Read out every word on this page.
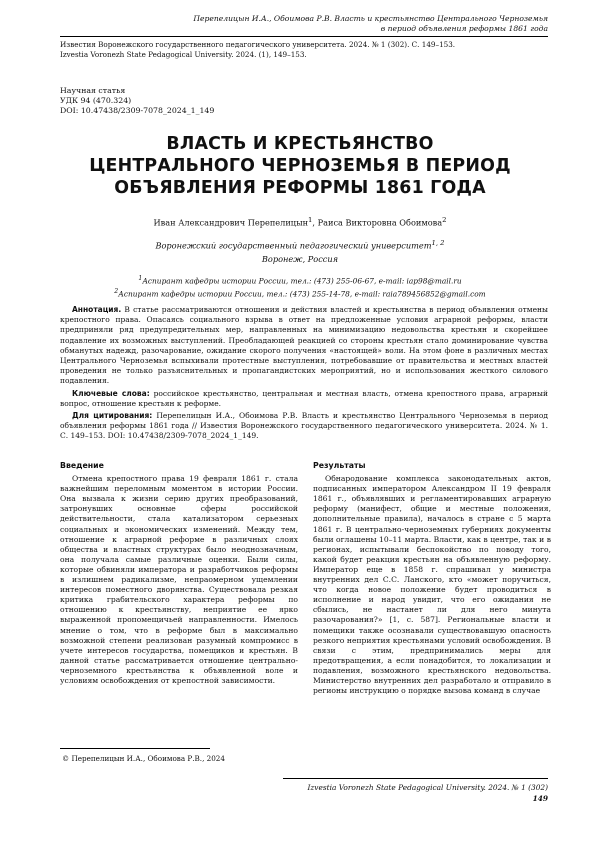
Перепелицын И.А., Обоимова Р.В. Власть и крестьянство Центрального Черноземья
в период объявления реформы 1861 года
Известия Воронежского государственного педагогического университета. 2024. № 1 (302). С. 149–153.
Izvestia Voronezh State Pedagogical University. 2024. (1), 149–153.
Научная статья
УДК 94 (470.324)
DOI: 10.47438/2309-7078_2024_1_149
ВЛАСТЬ И КРЕСТЬЯНСТВО
ЦЕНТРАЛЬНОГО ЧЕРНОЗЕМЬЯ В ПЕРИОД
ОБЪЯВЛЕНИЯ РЕФОРМЫ 1861 ГОДА
Иван Александрович Перепелицын$^1$, Раиса Викторовна Обоимова$^2$
Воронежский государственный педагогический университет$^{1, 2}$
Воронеж, Россия
$^1$Аспирант кафедры истории России, тел.: (473) 255-06-67, e-mail: iap98@mail.ru
$^2$Аспирант кафедры истории России, тел.: (473) 255-14-78, e-mail: raia789456852@gmail.com

Аннотация. В статье рассматриваются отношения и действия властей и крестьянства в период объявления отмены крепостного права. Опасаясь социального взрыва в ответ на предложенные условия аграрной реформы, власти предприняли ряд предупредительных мер, направленных на минимизацию недовольства крестьян и скорейшее подавление их возможных выступлений. Преобладающей реакцией со стороны крестьян стало доминирование чувства обманутых надежд, разочарование, ожидание скорого получения «настоящей» воли. На этом фоне в различных местах Центрального Черноземья вспыхивали протестные выступления, потребовавшие от правительства и местных властей проведения не только разъяснительных и пропагандистских мероприятий, но и использования жесткого силового подавления.

Ключевые слова: российское крестьянство, центральная и местная власть, отмена крепостного права, аграрный вопрос, отношение крестьян к реформе.

Для цитирования: Перепелицын И.А., Обоимова Р.В. Власть и крестьянство Центрального Черноземья в период объявления реформы 1861 года // Известия Воронежского государственного педагогического университета. 2024. № 1. С. 149–153. DOI: 10.47438/2309-7078_2024_1_149.

Введение

Отмена крепостного права 19 февраля 1861 г. стала важнейшим переломным моментом в истории России. Она вызвала к жизни серию других преобразований, затронувших основные сферы российской действительности, стала катализатором серьезных социальных и экономических изменений. Между тем, отношение к аграрной реформе в различных слоях общества и властных структурах было неоднозначным, она получала самые различные оценки. Были силы, которые обвиняли императора и разработчиков реформы в излишнем радикализме, непраомерном ущемлении интересов поместного дворянства. Существовала резкая критика грабительского характера реформы по отношению к крестьянству, неприятие ее ярко выраженной пропомещичьей направленности. Имелось мнение о том, что в реформе был в максимально возможной степени реализован разумный компромисс в учете интересов государства, помещиков и крестьян. В данной статье рассматривается отношение центрально-черноземного крестьянства к объявленной воле и условиям освобождения от крепостной зависимости.

Результаты

Обнародование комплекса законодательных актов, подписанных императором Александром II 19 февраля 1861 г., объявлявших и регламентировавших аграрную реформу (манифест, общие и местные положения, дополнительные правила), началось в стране с 5 марта 1861 г. В центрально-черноземных губерниях документы были оглашены 10–11 марта. Власти, как в центре, так и в регионах, испытывали беспокойство по поводу того, какой будет реакция крестьян на объявленную реформу. Император еще в 1858 г. спрашивал у министра внутренних дел С.С. Ланского, кто «может поручиться, что когда новое положение будет проводиться в исполнение и народ увидит, что его ожидания не сбылись, не настанет ли для него минута разочарования?» [1, с. 587]. Региональные власти и помещики также осознавали существовавшую опасность резкого неприятия крестьянами условий освобождения. В связи с этим, предпринимались меры для предотвращения, а если понадобится, то локализации и подавления, возможного крестьянского недовольства. Министерство внутренних дел разработало и отправило в регионы инструкцию о порядке вызова команд в случае

© Перепелицын И.А., Обоимова Р.В., 2024
Izvestia Voronezh State Pedagogical University. 2024. № 1 (302)
149
